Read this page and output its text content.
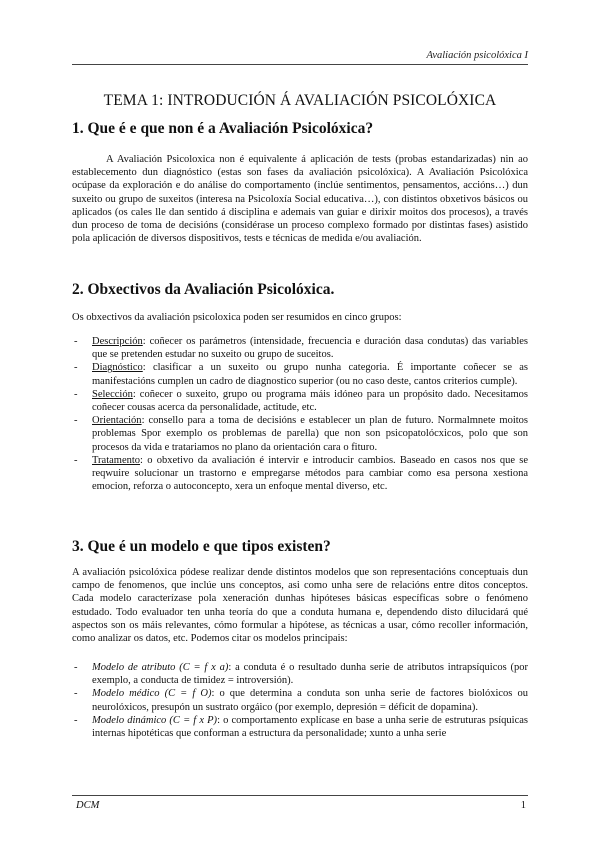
Avaliación psicolóxica I
TEMA 1: INTRODUCIÓN Á AVALIACIÓN PSICOLÓXICA
1. Que é e que non é a Avaliación Psicolóxica?

A Avaliación Psicoloxica non é equivalente á aplicación de tests (probas estandarizadas) nin ao establecemento dun diagnóstico (estas son fases da avaliación psicolóxica). A Avaliación Psicolóxica ocúpase da exploración e do análise do comportamento (inclúe sentimentos, pensamentos, accións…) dun suxeito ou grupo de suxeitos (interesa na Psicoloxía Social educativa…), con distintos obxetivos básicos ou aplicados (os cales lle dan sentido á disciplina e ademais van guiar e dirixir moitos dos procesos), a través dun proceso de toma de decisións (considérase un proceso complexo formado por distintas fases) asistido pola aplicación de diversos dispositivos, tests e técnicas de medida e/ou avaliación.

2. Obxectivos da Avaliación Psicolóxica.

Os obxectivos da avaliación psicoloxica poden ser resumidos en cinco grupos:

- Descripción: coñecer os parámetros (intensidade, frecuencia e duración dasa condutas) das variables que se pretenden estudar no suxeito ou grupo de suceitos.
- Diagnóstico: clasificar a un suxeito ou grupo nunha categoria. É importante coñecer se as manifestacións cumplen un cadro de diagnostico superior (ou no caso deste, cantos criterios cumple).
- Selección: coñecer o suxeito, grupo ou programa máis idóneo para un propósito dado. Necesitamos coñecer cousas acerca da personalidade, actitude, etc.
- Orientación: consello para a toma de decisións e establecer un plan de futuro. Normalmnete moitos problemas Spor exemplo os problemas de parella) que non son psicopatolócxicos, polo que son procesos da vida e tratariamos no plano da orientación cara o fituro.
- Tratamento: o obxetivo da avaliación é intervir e introducir cambios. Baseado en casos nos que se reqwuire solucionar un trastorno e empregarse métodos para cambiar como esa persona xestiona emocion, reforza o autoconcepto, xera un enfoque mental diverso, etc.
3. Que é un modelo e que tipos existen?

A avaliación psicolóxica pódese realizar dende distintos modelos que son representacións conceptuais dun campo de fenomenos, que inclúe uns conceptos, asi como unha sere de relacións entre ditos conceptos. Cada modelo caracterízase pola xeneración dunhas hipóteses básicas específicas sobre o fenómeno estudado. Todo evaluador ten unha teoría do que a conduta humana e, dependendo disto dilucidará qué aspectos son os máis relevantes, cómo formular a hipótese, as técnicas a usar, cómo recoller información, como analizar os datos, etc. Podemos citar os modelos principais:

- Modelo de atributo (C = f x a): a conduta é o resultado dunha serie de atributos intrapsíquicos (por exemplo, a conducta de timidez = introversión).
- Modelo médico (C = f O): o que determina a conduta son unha serie de factores biolóxicos ou neurolóxicos, presupón un sustrato orgáico (por exemplo, depresión = déficit de dopamina).
- Modelo dinámico (C = f x P): o comportamento explícase en base a unha serie de estruturas psíquicas internas hipotéticas que conforman a estructura da personalidade; xunto a unha serie
DCM	1
